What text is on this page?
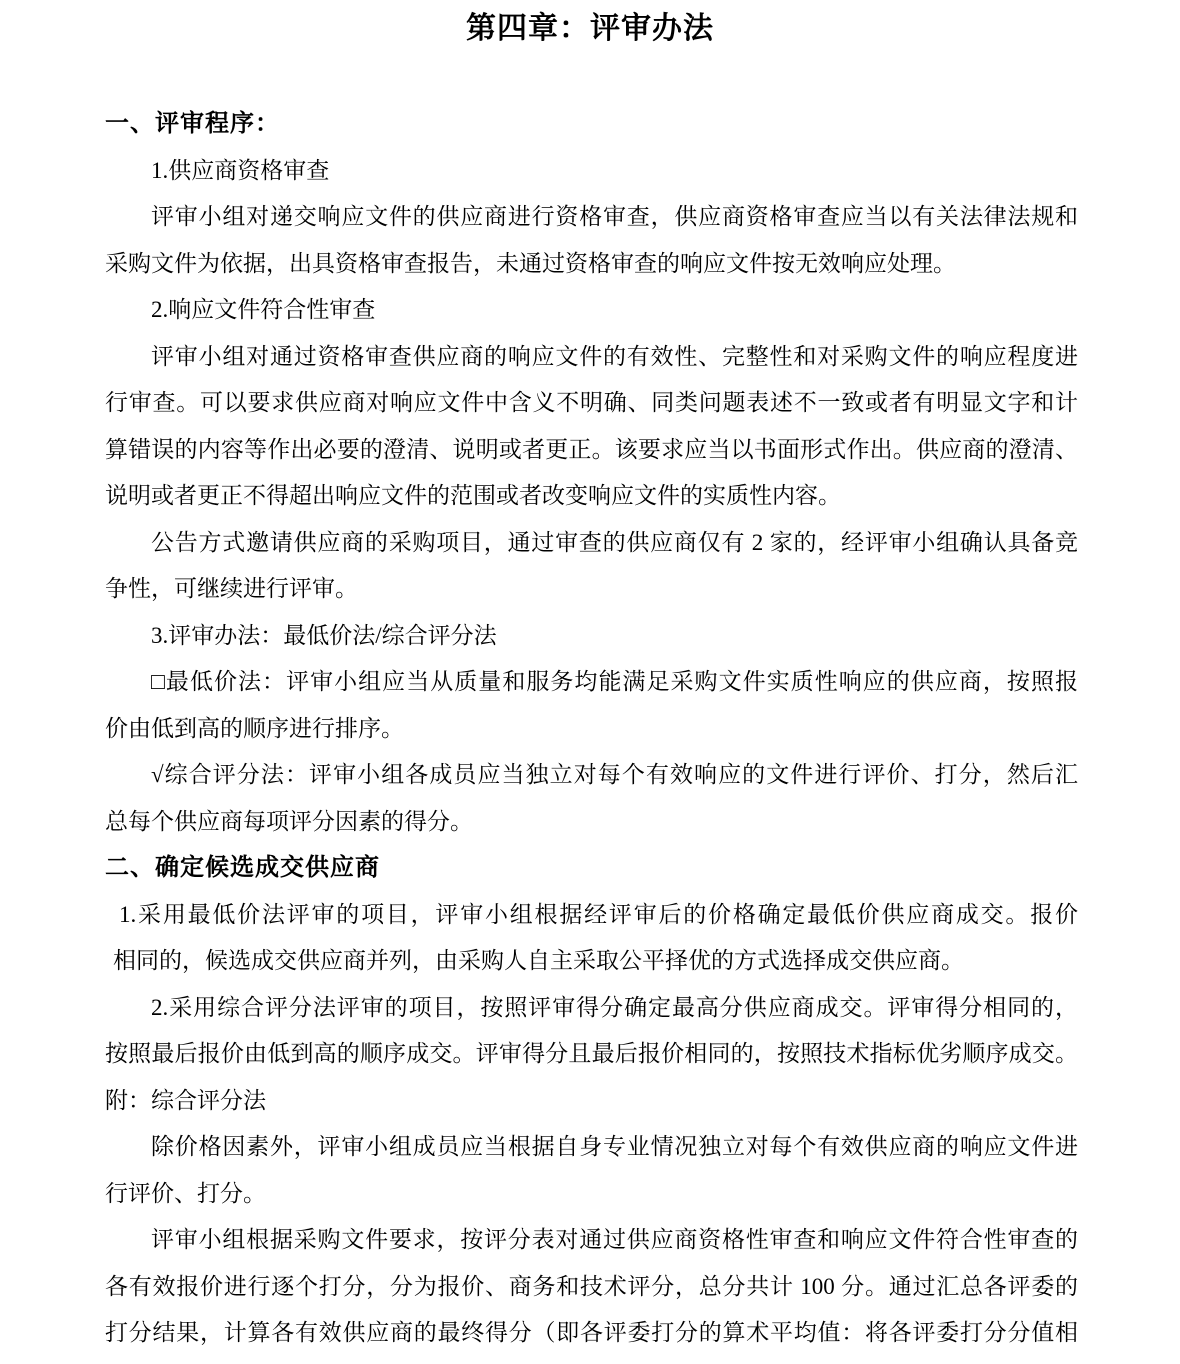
第四章：评审办法
一、评审程序：
1.供应商资格审查
评审小组对递交响应文件的供应商进行资格审查，供应商资格审查应当以有关法律法规和
采购文件为依据，出具资格审查报告，未通过资格审查的响应文件按无效响应处理。
2.响应文件符合性审查
评审小组对通过资格审查供应商的响应文件的有效性、完整性和对采购文件的响应程度进
行审查。可以要求供应商对响应文件中含义不明确、同类问题表述不一致或者有明显文字和计
算错误的内容等作出必要的澄清、说明或者更正。该要求应当以书面形式作出。供应商的澄清、
说明或者更正不得超出响应文件的范围或者改变响应文件的实质性内容。
公告方式邀请供应商的采购项目，通过审查的供应商仅有 2 家的，经评审小组确认具备竞
争性，可继续进行评审。
3.评审办法：最低价法/综合评分法
□最低价法：评审小组应当从质量和服务均能满足采购文件实质性响应的供应商，按照报
价由低到高的顺序进行排序。
√综合评分法：评审小组各成员应当独立对每个有效响应的文件进行评价、打分，然后汇
总每个供应商每项评分因素的得分。
二、确定候选成交供应商
1.采用最低价法评审的项目，评审小组根据经评审后的价格确定最低价供应商成交。报价
相同的，候选成交供应商并列，由采购人自主采取公平择优的方式选择成交供应商。
2.采用综合评分法评审的项目，按照评审得分确定最高分供应商成交。评审得分相同的，
按照最后报价由低到高的顺序成交。评审得分且最后报价相同的，按照技术指标优劣顺序成交。
附：综合评分法
除价格因素外，评审小组成员应当根据自身专业情况独立对每个有效供应商的响应文件进
行评价、打分。
评审小组根据采购文件要求，按评分表对通过供应商资格性审查和响应文件符合性审查的
各有效报价进行逐个打分，分为报价、商务和技术评分，总分共计 100 分。通过汇总各评委的
打分结果，计算各有效供应商的最终得分（即各评委打分的算术平均值：将各评委打分分值相
